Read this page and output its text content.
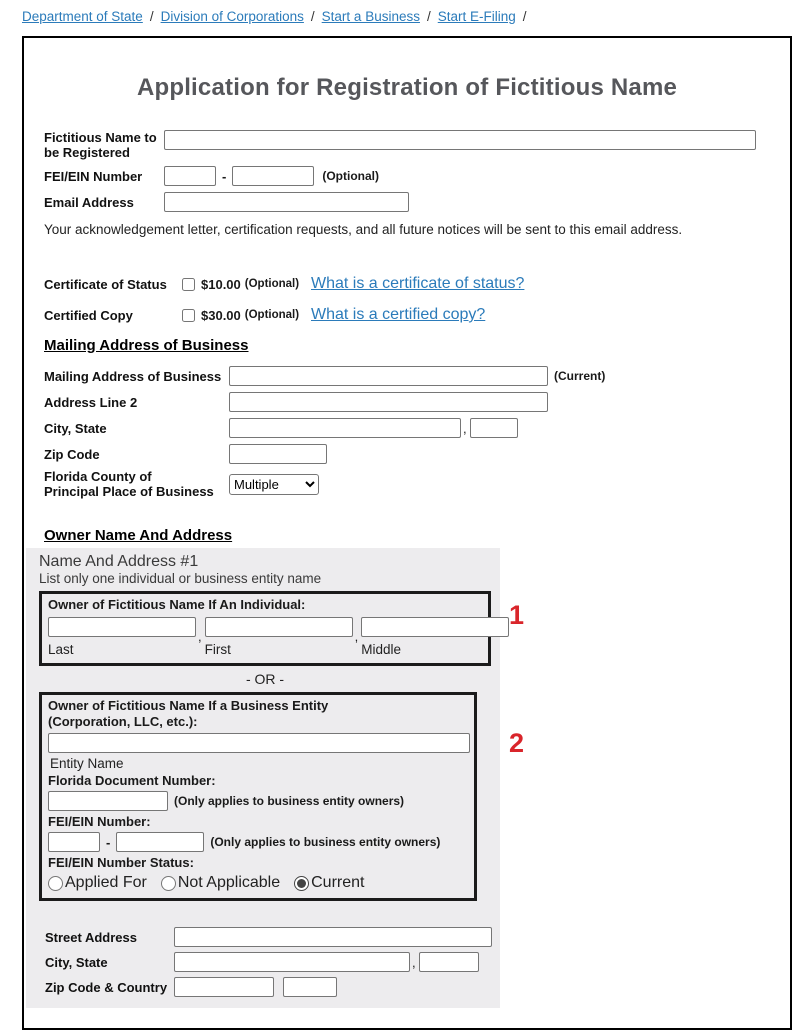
Department of State / Division of Corporations / Start a Business / Start E-Filing /
Application for Registration of Fictitious Name
Fictitious Name to be Registered
FEI/EIN Number	-	(Optional)
Email Address
Your acknowledgement letter, certification requests, and all future notices will be sent to this email address.
Certificate of Status	$10.00 (Optional) What is a certificate of status?
Certified Copy	$30.00 (Optional) What is a certified copy?
Mailing Address of Business
Mailing Address of Business	(Current)
Address Line 2
City, State	,
Zip Code
Florida County of
Principal Place of Business
Multiple
Owner Name And Address
Name And Address #1
List only one individual or business entity name
Owner of Fictitious Name If An Individual:
Last
,
First
,
Middle
- OR -
Owner of Fictitious Name If a Business Entity
(Corporation, LLC, etc.):
Entity Name
Florida Document Number:
(Only applies to business entity owners)
FEI/EIN Number:
-	(Only applies to business entity owners)
FEI/EIN Number Status:
Applied For Not Applicable Current
Street Address
City, State	,
Zip Code & Country
1
2
